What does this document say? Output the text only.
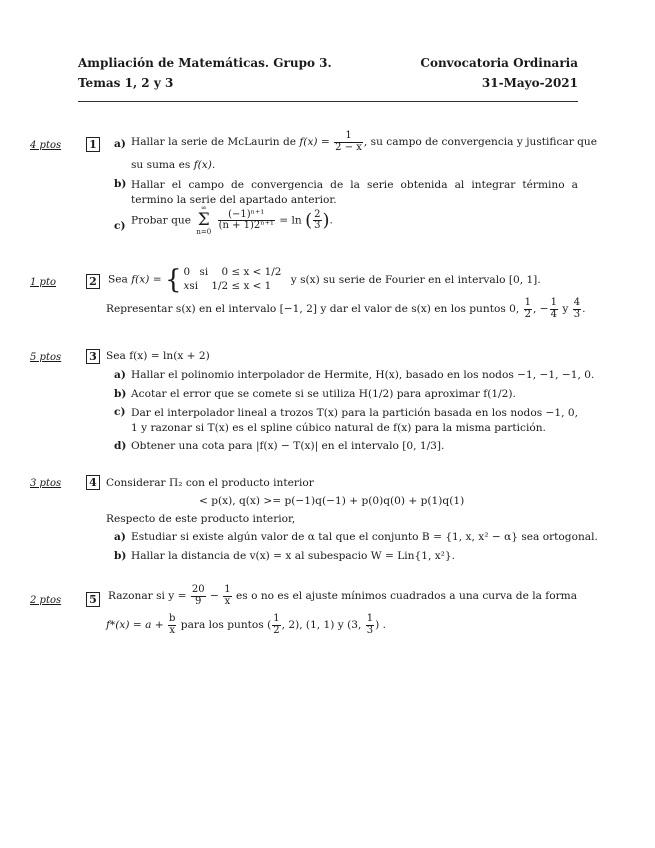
Ampliación de Matemáticas. Grupo 3.
Temas 1, 2 y 3
Convocatoria Ordinaria
31-Mayo-2021
4 ptos	1 a) Hallar la serie de McLaurin de $f(x) = \frac{1}{2 - x}$ , su campo de convergencia y justificar que
su suma es f(x).
b) Hallar el campo de convergencia de la serie obtenida al integrar término a termino la serie del apartado anterior.
c) Probar que
∞
Σ
n=0

$\frac{\text{(−1)ⁿ⁺¹}}{\text{(n + 1)2ⁿ⁺¹}} = \ln$ ( $\frac{2}{3}$ ).
1 pto	2 Sea f(x) = { 0 si 0 ≤ x < 1/2
xsi 1/2 ≤ x < 1 y s(x) su serie de Fourier en el intervalo [0, 1].
Representar s(x) en el intervalo [−1, 2] y dar el valor de s(x) en los puntos 0, $\frac{1}{2}$ , − $\frac{1}{4}$ y $\frac{4}{3}$ .
5 ptos	3 Sea f(x) = ln(x + 2)
a) Hallar el polinomio interpolador de Hermite, H(x), basado en los nodos −1, −1, −1, 0.
b) Acotar el error que se comete si se utiliza H(1/2) para aproximar f(1/2).
c) Dar el interpolador lineal a trozos T(x) para la partición basada en los nodos −1, 0, 1 y razonar si T(x) es el spline cúbico natural de f(x) para la misma partición.
d) Obtener una cota para |f(x) − T(x)| en el intervalo [0, 1/3].
3 ptos	4 Considerar Π₂ con el producto interior
< p(x), q(x) >= p(−1)q(−1) + p(0)q(0) + p(1)q(1)
Respecto de este producto interior,
a) Estudiar si existe algún valor de α tal que el conjunto B = {1, x, x² − α} sea ortogonal.
b) Hallar la distancia de v(x) = x al subespacio W = Lin{1, x²}.
2 ptos	5 Razonar si $y = \frac{20}{9} - \frac{1}{x}$ es o no es el ajuste mínimos cuadrados a una curva de la forma
$f*(x) = a + \frac{b}{x}$ para los puntos ( $\frac{1}{2}$ , 2), (1, 1) y (3, $\frac{1}{3}$ ) .
